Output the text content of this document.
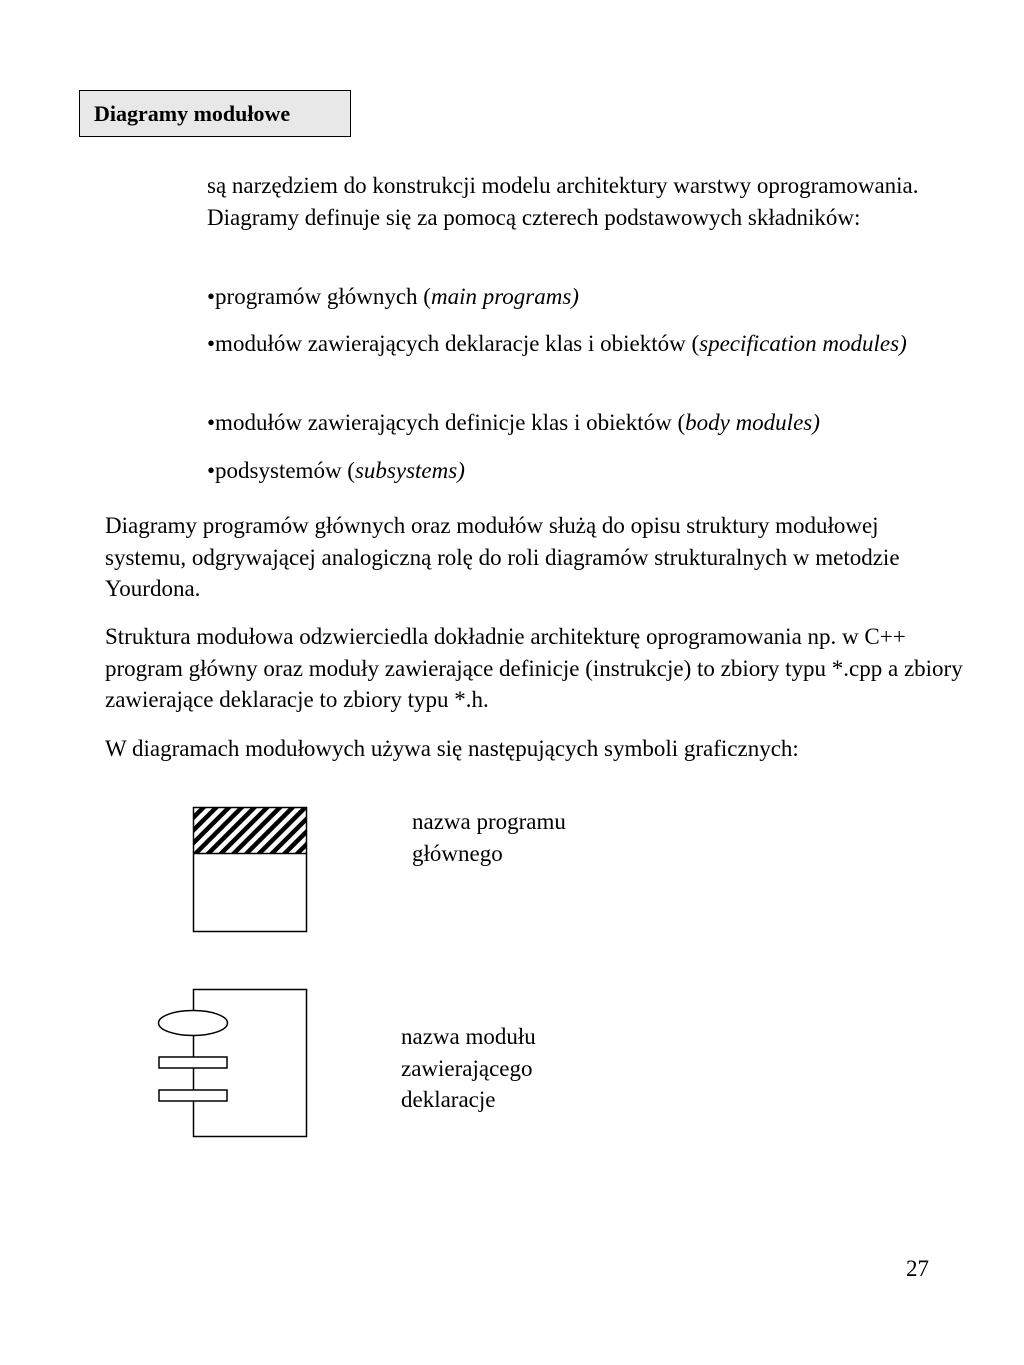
Diagramy modułowe

są narzędziem do konstrukcji modelu architektury warstwy oprogramowania. Diagramy definuje się za pomocą czterech podstawowych składników:

•programów głównych (main programs)

•modułów zawierających deklaracje klas i obiektów (specification modules)

•modułów zawierających definicje klas i obiektów (body modules)

•podsystemów (subsystems)

Diagramy programów głównych oraz modułów służą do opisu struktury modułowej systemu, odgrywającej analogiczną rolę do roli diagramów strukturalnych w metodzie Yourdona.

Struktura modułowa odzwierciedla dokładnie architekturę oprogramowania np. w C++ program główny oraz moduły zawierające definicje (instrukcje) to zbiory typu *.cpp a zbiory zawierające deklaracje to zbiory typu *.h.

W diagramach modułowych używa się następujących symboli graficznych:

nazwa programu
głównego
nazwa modułu
zawierającego
deklaracje
27
